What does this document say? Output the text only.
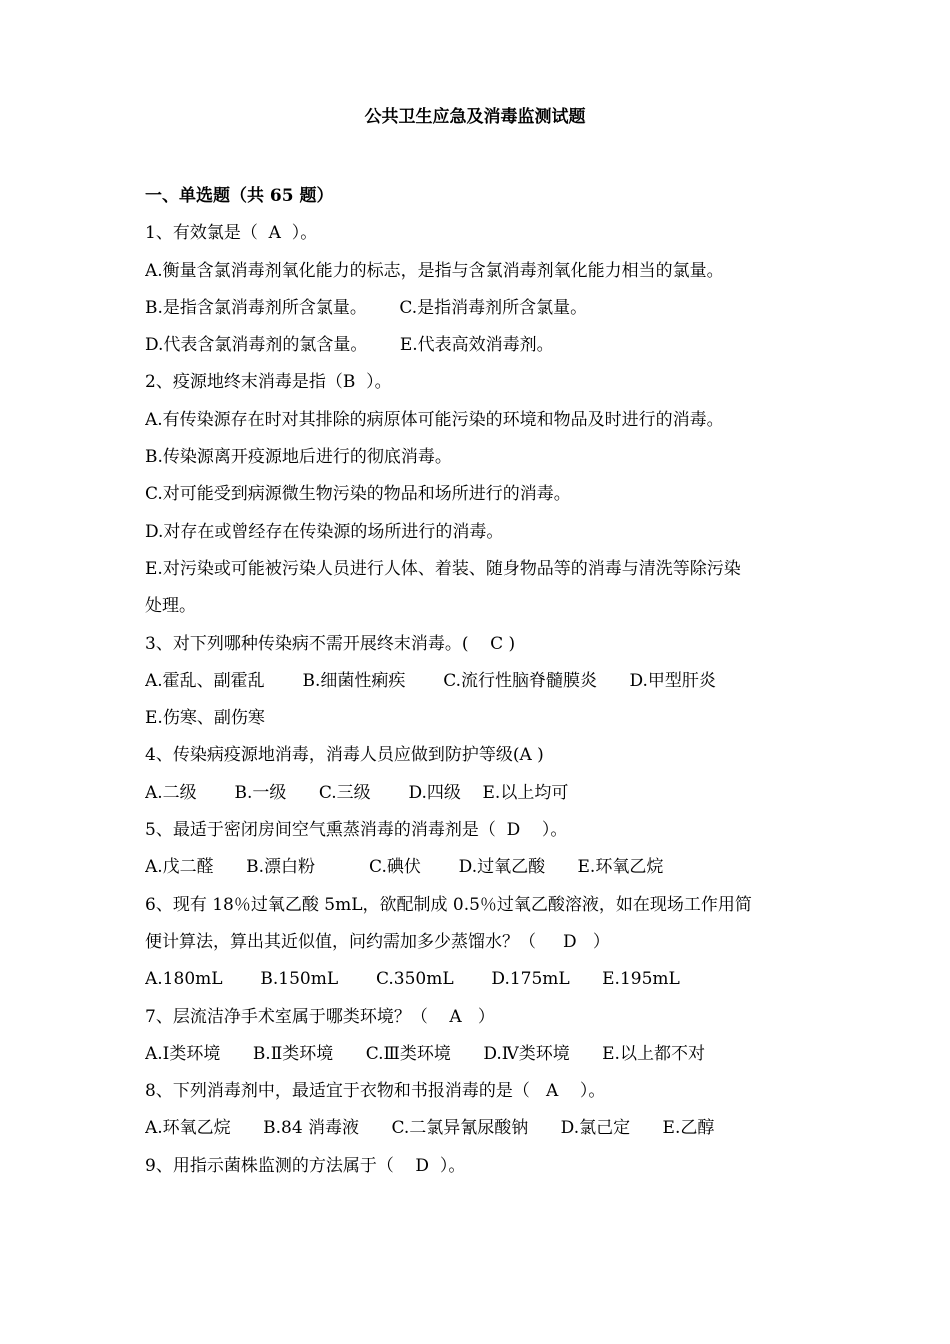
公共卫生应急及消毒监测试题
一、单选题（共 65 题）
1、有效氯是（  A  ）。
A.衡量含氯消毒剂氧化能力的标志，是指与含氯消毒剂氧化能力相当的氯量。
B.是指含氯消毒剂所含氯量。      C.是指消毒剂所含氯量。
D.代表含氯消毒剂的氯含量。      E.代表高效消毒剂。
2、疫源地终末消毒是指（B  ）。
A.有传染源存在时对其排除的病原体可能污染的环境和物品及时进行的消毒。
B.传染源离开疫源地后进行的彻底消毒。
C.对可能受到病源微生物污染的物品和场所进行的消毒。
D.对存在或曾经存在传染源的场所进行的消毒。
E.对污染或可能被污染人员进行人体、着装、随身物品等的消毒与清洗等除污染
处理。
3、对下列哪种传染病不需开展终末消毒。(    C )
A.霍乱、副霍乱       B.细菌性痢疾       C.流行性脑脊髓膜炎      D.甲型肝炎
E.伤寒、副伤寒
4、传染病疫源地消毒，消毒人员应做到防护等级(A )
A.二级       B.一级      C.三级       D.四级    E.以上均可
5、最适于密闭房间空气熏蒸消毒的消毒剂是（  D    ）。
A.戊二醛      B.漂白粉          C.碘伏       D.过氧乙酸      E.环氧乙烷
6、现有 18％过氧乙酸 5mL，欲配制成 0.5％过氧乙酸溶液，如在现场工作用简
便计算法，算出其近似值，问约需加多少蒸馏水？（     D   ）
A.180mL       B.150mL       C.350mL       D.175mL      E.195mL
7、层流洁净手术室属于哪类环境？（    A   ）
A.Ⅰ类环境      B.Ⅱ类环境      C.Ⅲ类环境      D.Ⅳ类环境      E.以上都不对
8、下列消毒剂中，最适宜于衣物和书报消毒的是（   A    ）。
A.环氧乙烷      B.84 消毒液      C.二氯异氰尿酸钠      D.氯己定      E.乙醇
9、用指示菌株监测的方法属于（    D  ）。
